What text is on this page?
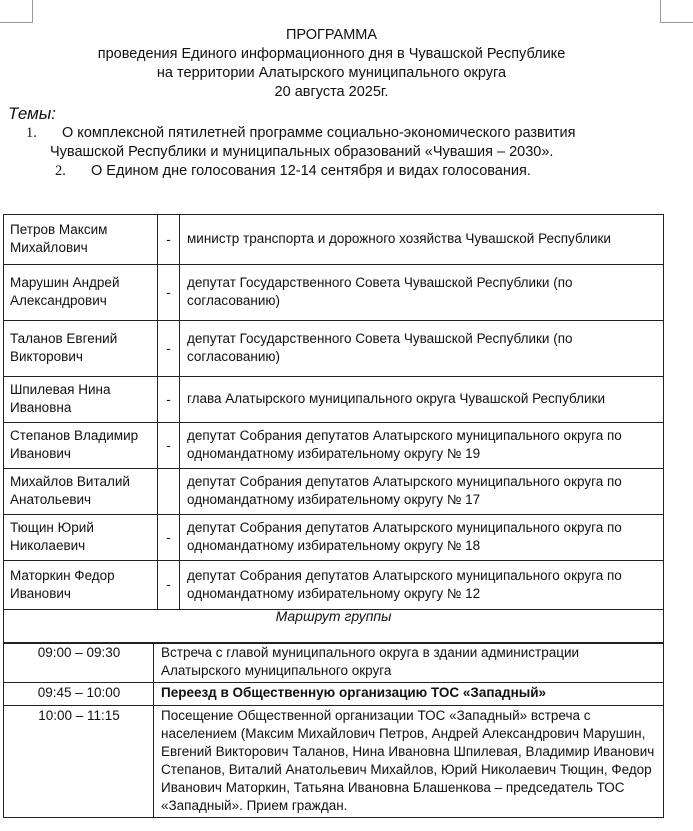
ПРОГРАММА
проведения Единого информационного дня в Чувашской Республике
на территории Алатырского муниципального округа
20 августа 2025г.
Темы:
1. О комплексной пятилетней программе социально-экономического развития
Чувашской Республики и муниципальных образований «Чувашия – 2030».
2. О Едином дне голосования 12-14 сентября и видах голосования.
Петров Максим Михайлович	-	министр транспорта и дорожного хозяйства Чувашской Республики
Марушин Андрей Александрович	-	депутат Государственного Совета Чувашской Республики (по согласованию)
Таланов Евгений Викторович	-	депутат Государственного Совета Чувашской Республики (по согласованию)
Шпилевая Нина Ивановна	-	глава Алатырского муниципального округа Чувашской Республики
Степанов Владимир Иванович	-	депутат Собрания депутатов Алатырского муниципального округа по одномандатному избирательному округу № 19
Михайлов Виталий Анатольевич		депутат Собрания депутатов Алатырского муниципального округа по одномандатному избирательному округу № 17
Тющин Юрий Николаевич	-	депутат Собрания депутатов Алатырского муниципального округа по одномандатному избирательному округу № 18
Маторкин Федор Иванович	-	депутат Собрания депутатов Алатырского муниципального округа по одномандатному избирательному округу № 12
Маршрут группы
09:00 – 09:30	Встреча с главой муниципального округа в здании администрации Алатырского муниципального округа
09:45 – 10:00	Переезд в Общественную организацию ТОС «Западный»
10:00 – 11:15	Посещение Общественной организации ТОС «Западный» встреча с населением (Максим Михайлович Петров, Андрей Александрович Марушин, Евгений Викторович Таланов, Нина Ивановна Шпилевая, Владимир Иванович Степанов, Виталий Анатольевич Михайлов, Юрий Николаевич Тющин, Федор Иванович Маторкин, Татьяна Ивановна Блашенкова – председатель ТОС «Западный». Прием граждан.
